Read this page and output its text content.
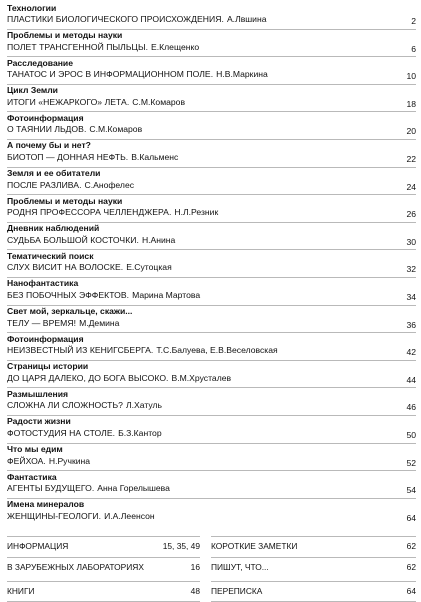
Технологии
ПЛАСТИКИ БИОЛОГИЧЕСКОГО ПРОИСХОЖДЕНИЯ. А.Лвшина	2
Проблемы и методы науки
ПОЛЕТ ТРАНСГЕННОЙ ПЫЛЬЦЫ. Е.Клещенко	6
Расследование
ТАНАТОС И ЭРОС В ИНФОРМАЦИОННОМ ПОЛЕ. Н.В.Маркина	10
Цикл Земли
ИТОГИ «НЕЖАРКОГО» ЛЕТА. С.М.Комаров	18
Фотоинформация
О ТАЯНИИ ЛЬДОВ. С.М.Комаров	20
А почему бы и нет?
БИОТОП — ДОННАЯ НЕФТЬ. В.Кальменс	22
Земля и ее обитатели
ПОСЛЕ РАЗЛИВА. С.Анофелес	24
Проблемы и методы науки
РОДНЯ ПРОФЕССОРА ЧЕЛЛЕНДЖЕРА. Н.Л.Резник	26
Дневник наблюдений
СУДЬБА БОЛЬШОЙ КОСТОЧКИ. Н.Анина	30
Тематический поиск
СЛУХ ВИСИТ НА ВОЛОСКЕ. Е.Сутоцкая	32
Нанофантастика
БЕЗ ПОБОЧНЫХ ЭФФЕКТОВ. Марина Мартова	34
Свет мой, зеркальце, скажи...
ТЕЛУ — ВРЕМЯ! М.Демина	36
Фотоинформация
НЕИЗВЕСТНЫЙ ИЗ КЕНИГСБЕРГА. Т.С.Балуева, Е.В.Веселовская	42
Страницы истории
ДО ЦАРЯ ДАЛЕКО, ДО БОГА ВЫСОКО. В.М.Хрусталев	44
Размышления
СЛОЖНА ЛИ СЛОЖНОСТЬ? Л.Хатуль	46
Радости жизни
ФОТОСТУДИЯ НА СТОЛЕ. Б.З.Кантор	50
Что мы едим
ФЕЙХОА. Н.Ручкина	52
Фантастика
АГЕНТЫ БУДУЩЕГО. Анна Горелышева	54
Имена минералов
ЖЕНЩИНЫ-ГЕОЛОГИ. И.А.Леенсон	64
ИНФОРМАЦИЯ	15, 35, 49
В ЗАРУБЕЖНЫХ ЛАБОРАТОРИЯХ	16
КНИГИ	48
КОРОТКИЕ ЗАМЕТКИ	62
ПИШУТ, ЧТО...	62
ПЕРЕПИСКА	64
